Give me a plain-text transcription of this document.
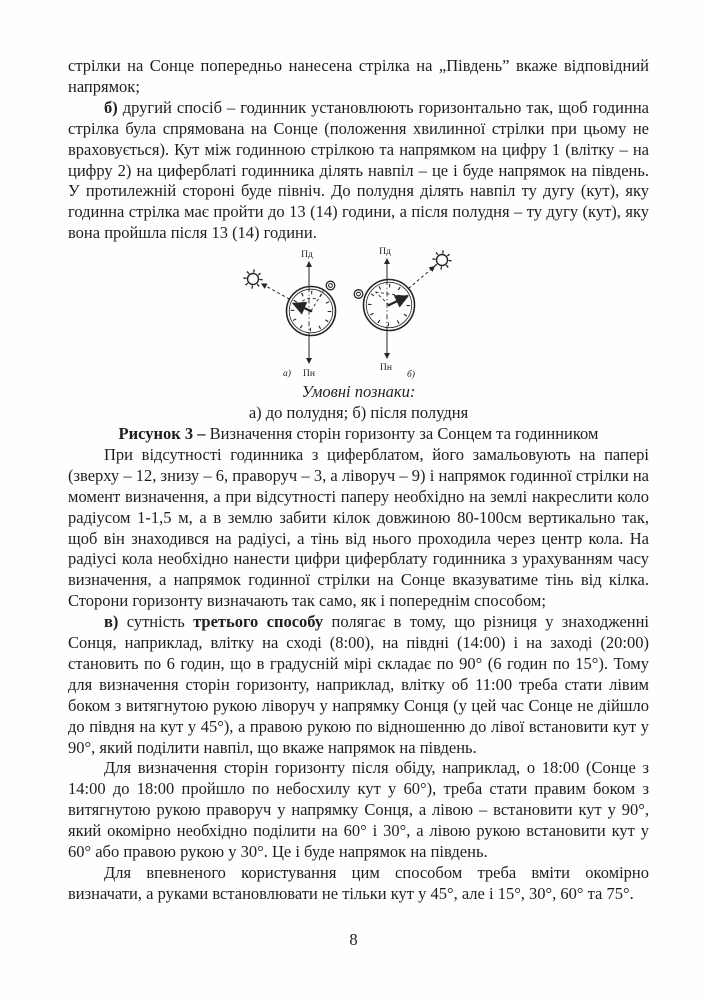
стрілки на Сонце попередньо нанесена стрілка на „Південь” вкаже відповідний напрямок;

б) другий спосіб – годинник установлюють горизонтально так, щоб годинна стрілка була спрямована на Сонце (положення хвилинної стрілки при цьому не враховується). Кут між годинною стрілкою та напрямком на цифру 1 (влітку – на цифру 2) на циферблаті годинника ділять навпіл – це і буде напрямок на південь. У протилежній стороні буде північ. До полудня ділять навпіл ту дугу (кут), яку годинна стрілка має пройти до 13 (14) години, а після полудня – ту дугу (кут), яку вона пройшла після 13 (14) години.

Пд
Пн
а)
Пд
Пн
б)

Умовні познаки:

а) до полудня; б) після полудня

Рисунок 3 – Визначення сторін горизонту за Сонцем та годинником

При відсутності годинника з циферблатом, його замальовують на папері (зверху – 12, знизу – 6, праворуч – 3, а ліворуч – 9) і напрямок годинної стрілки на момент визначення, а при відсутності паперу необхідно на землі накреслити коло радіусом 1-1,5 м, а в землю забити кілок довжиною 80-100см вертикально так, щоб він знаходився на радіусі, а тінь від нього проходила через центр кола. На радіусі кола необхідно нанести цифри циферблату годинника з урахуванням часу визначення, а напрямок годинної стрілки на Сонце вказуватиме тінь від кілка. Сторони горизонту визначають так само, як і попереднім способом;

в) сутність третього способу полягає в тому, що різниця у знаходженні Сонця, наприклад, влітку на сході (8:00), на півдні (14:00) і на заході (20:00) становить по 6 годин, що в градусній мірі складає по 90° (6 годин по 15°). Тому для визначення сторін горизонту, наприклад, влітку об 11:00 треба стати лівим боком з витягнутою рукою ліворуч у напрямку Сонця (у цей час Сонце не дійшло до півдня на кут у 45°), а правою рукою по відношенню до лівої встановити кут у 90°, який поділити навпіл, що вкаже напрямок на південь.

Для визначення сторін горизонту після обіду, наприклад, о 18:00 (Сонце з 14:00 до 18:00 пройшло по небосхилу кут у 60°), треба стати правим боком з витягнутою рукою праворуч у напрямку Сонця, а лівою – встановити кут у 90°, який окомірно необхідно поділити на 60° і 30°, а лівою рукою встановити кут у 60° або правою рукою у 30°. Це і буде напрямок на південь.

Для впевненого користування цим способом треба вміти окомірно визначати, а руками встановлювати не тільки кут у 45°, але і 15°, 30°, 60° та 75°.

8
